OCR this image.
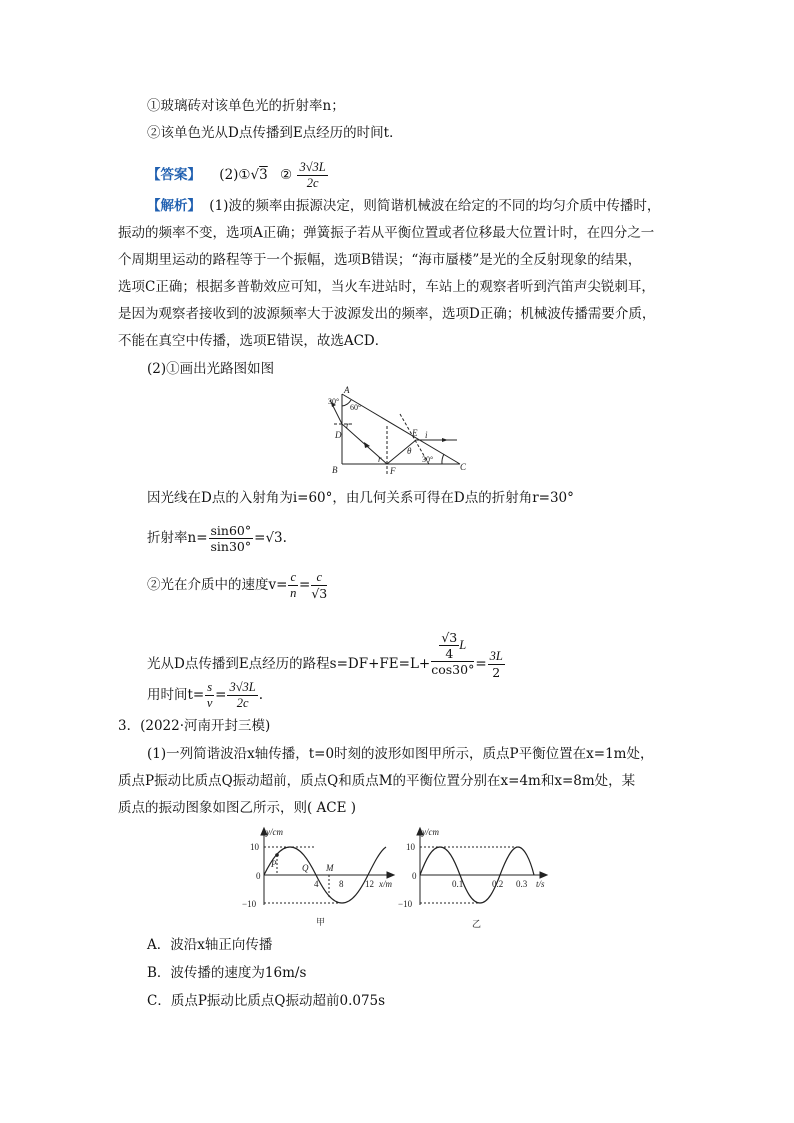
①玻璃砖对该单色光的折射率n；
②该单色光从D点传播到E点经历的时间t．
【答案】 (2)①√3 ② $\frac{3√3L}{2c}$
【解析】 (1)波的频率由振源决定，则简谐机械波在给定的不同的均匀介质中传播时，
振动的频率不变，选项A正确；弹簧振子若从平衡位置或者位移最大位置计时，在四分之一
个周期里运动的路程等于一个振幅，选项B错误；“海市蜃楼”是光的全反射现象的结果，
选项C正确；根据多普勒效应可知，当火车进站时，车站上的观察者听到汽笛声尖锐刺耳，
是因为观察者接收到的波源频率大于波源发出的频率，选项D正确；机械波传播需要介质，
不能在真空中传播，选项E错误，故选ACD．
(2)①画出光路图如图
A
B	C
D	E
F
r
r
i
θ
30°
60°
30°
因光线在D点的入射角为i=60°，由几何关系可得在D点的折射角r=30°
折射率$n= \frac{\sin 60^\circ}{\sin 30^\circ} =√3$.
②光在介质中的速度$v= \frac{c}{n} = \frac{c}{√3}$
光从D点传播到E点经历的路程$s=DF+FE=L+ \frac{\frac{√3}{4} L}{\cos 30^\circ} = \frac{3L}{2}$
用时间$t= \frac{s}{v} = \frac{3√3L}{2c}$ .
3．(2022·河南开封三模)
(1)一列简谐波沿x轴传播，t=0时刻的波形如图甲所示，质点P平衡位置在x=1m处，
质点P振动比质点Q振动超前，质点Q和质点M的平衡位置分别在x=4m和x=8m处，某
质点的振动图象如图乙所示，则( ACE )
y/cm
x/m
10
0
−10
4 8 12
P	Q M
甲
y/cm
t/s
10
0
−10
0.1	0.2 0.3
乙
A．波沿x轴正向传播
B．波传播的速度为16m/s
C．质点P振动比质点Q振动超前0.075s
